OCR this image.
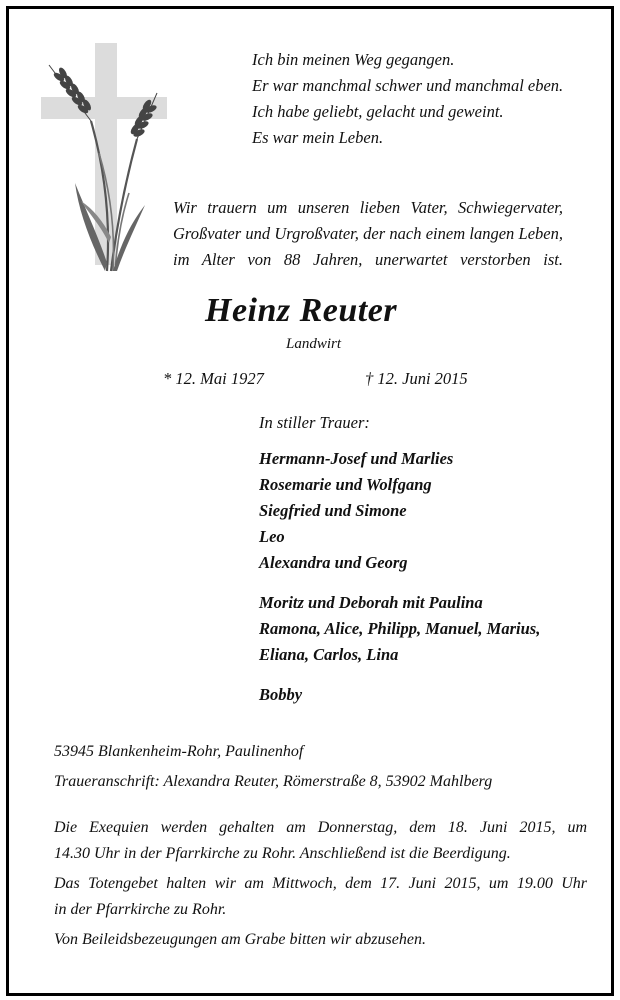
Ich bin meinen Weg gegangen.
Er war manchmal schwer und manchmal eben.
Ich habe geliebt, gelacht und geweint.
Es war mein Leben.
Wir trauern um unseren lieben Vater, Schwiegervater,
Großvater und Urgroßvater, der nach einem langen Leben,
im Alter von 88 Jahren, unerwartet verstorben ist.
Heinz Reuter
Landwirt
* 12. Mai 1927	† 12. Juni 2015
In stiller Trauer:
Hermann-Josef und Marlies
Rosemarie und Wolfgang
Siegfried und Simone
Leo
Alexandra und Georg
Moritz und Deborah mit Paulina
Ramona, Alice, Philipp, Manuel, Marius,
Eliana, Carlos, Lina
Bobby
53945 Blankenheim-Rohr, Paulinenhof
Traueranschrift: Alexandra Reuter, Römerstraße 8, 53902 Mahlberg
Die Exequien werden gehalten am Donnerstag, dem 18. Juni 2015, um
14.30 Uhr in der Pfarrkirche zu Rohr. Anschließend ist die Beerdigung.
Das Totengebet halten wir am Mittwoch, dem 17. Juni 2015, um 19.00 Uhr
in der Pfarrkirche zu Rohr.
Von Beileidsbezeugungen am Grabe bitten wir abzusehen.
